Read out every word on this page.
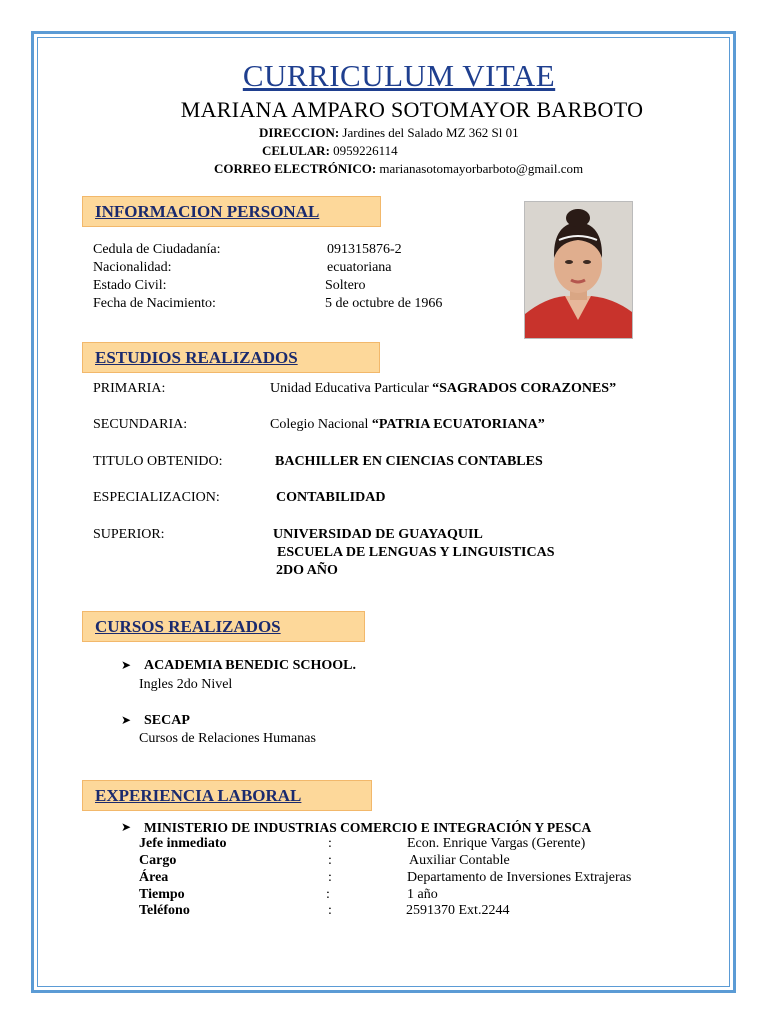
CURRICULUM VITAE
MARIANA AMPARO SOTOMAYOR BARBOTO
DIRECCION: Jardines del Salado MZ 362 Sl 01
CELULAR: 0959226114
CORREO ELECTRÓNICO: marianasotomayorbarboto@gmail.com
INFORMACION PERSONAL
Cedula de Ciudadanía:	091315876-2
Nacionalidad:	ecuatoriana
Estado Civil:	Soltero
Fecha de Nacimiento:	5 de octubre de 1966
ESTUDIOS REALIZADOS
PRIMARIA:	Unidad Educativa Particular “SAGRADOS CORAZONES”
SECUNDARIA:	Colegio Nacional “PATRIA ECUATORIANA”
TITULO OBTENIDO:	BACHILLER EN CIENCIAS CONTABLES
ESPECIALIZACION:	CONTABILIDAD
SUPERIOR:	UNIVERSIDAD DE GUAYAQUIL
ESCUELA DE LENGUAS Y LINGUISTICAS
2DO AÑO
CURSOS REALIZADOS
➤ ACADEMIA BENEDIC SCHOOL.
Ingles 2do Nivel
➤ SECAP
Cursos de Relaciones Humanas
EXPERIENCIA LABORAL
➤ MINISTERIO DE INDUSTRIAS COMERCIO E INTEGRACIÓN Y PESCA
Jefe inmediato	:	Econ. Enrique Vargas (Gerente)
Cargo	:	Auxiliar Contable
Área	:	Departamento de Inversiones Extrajeras
Tiempo	:	1 año
Teléfono	:	2591370 Ext.2244
